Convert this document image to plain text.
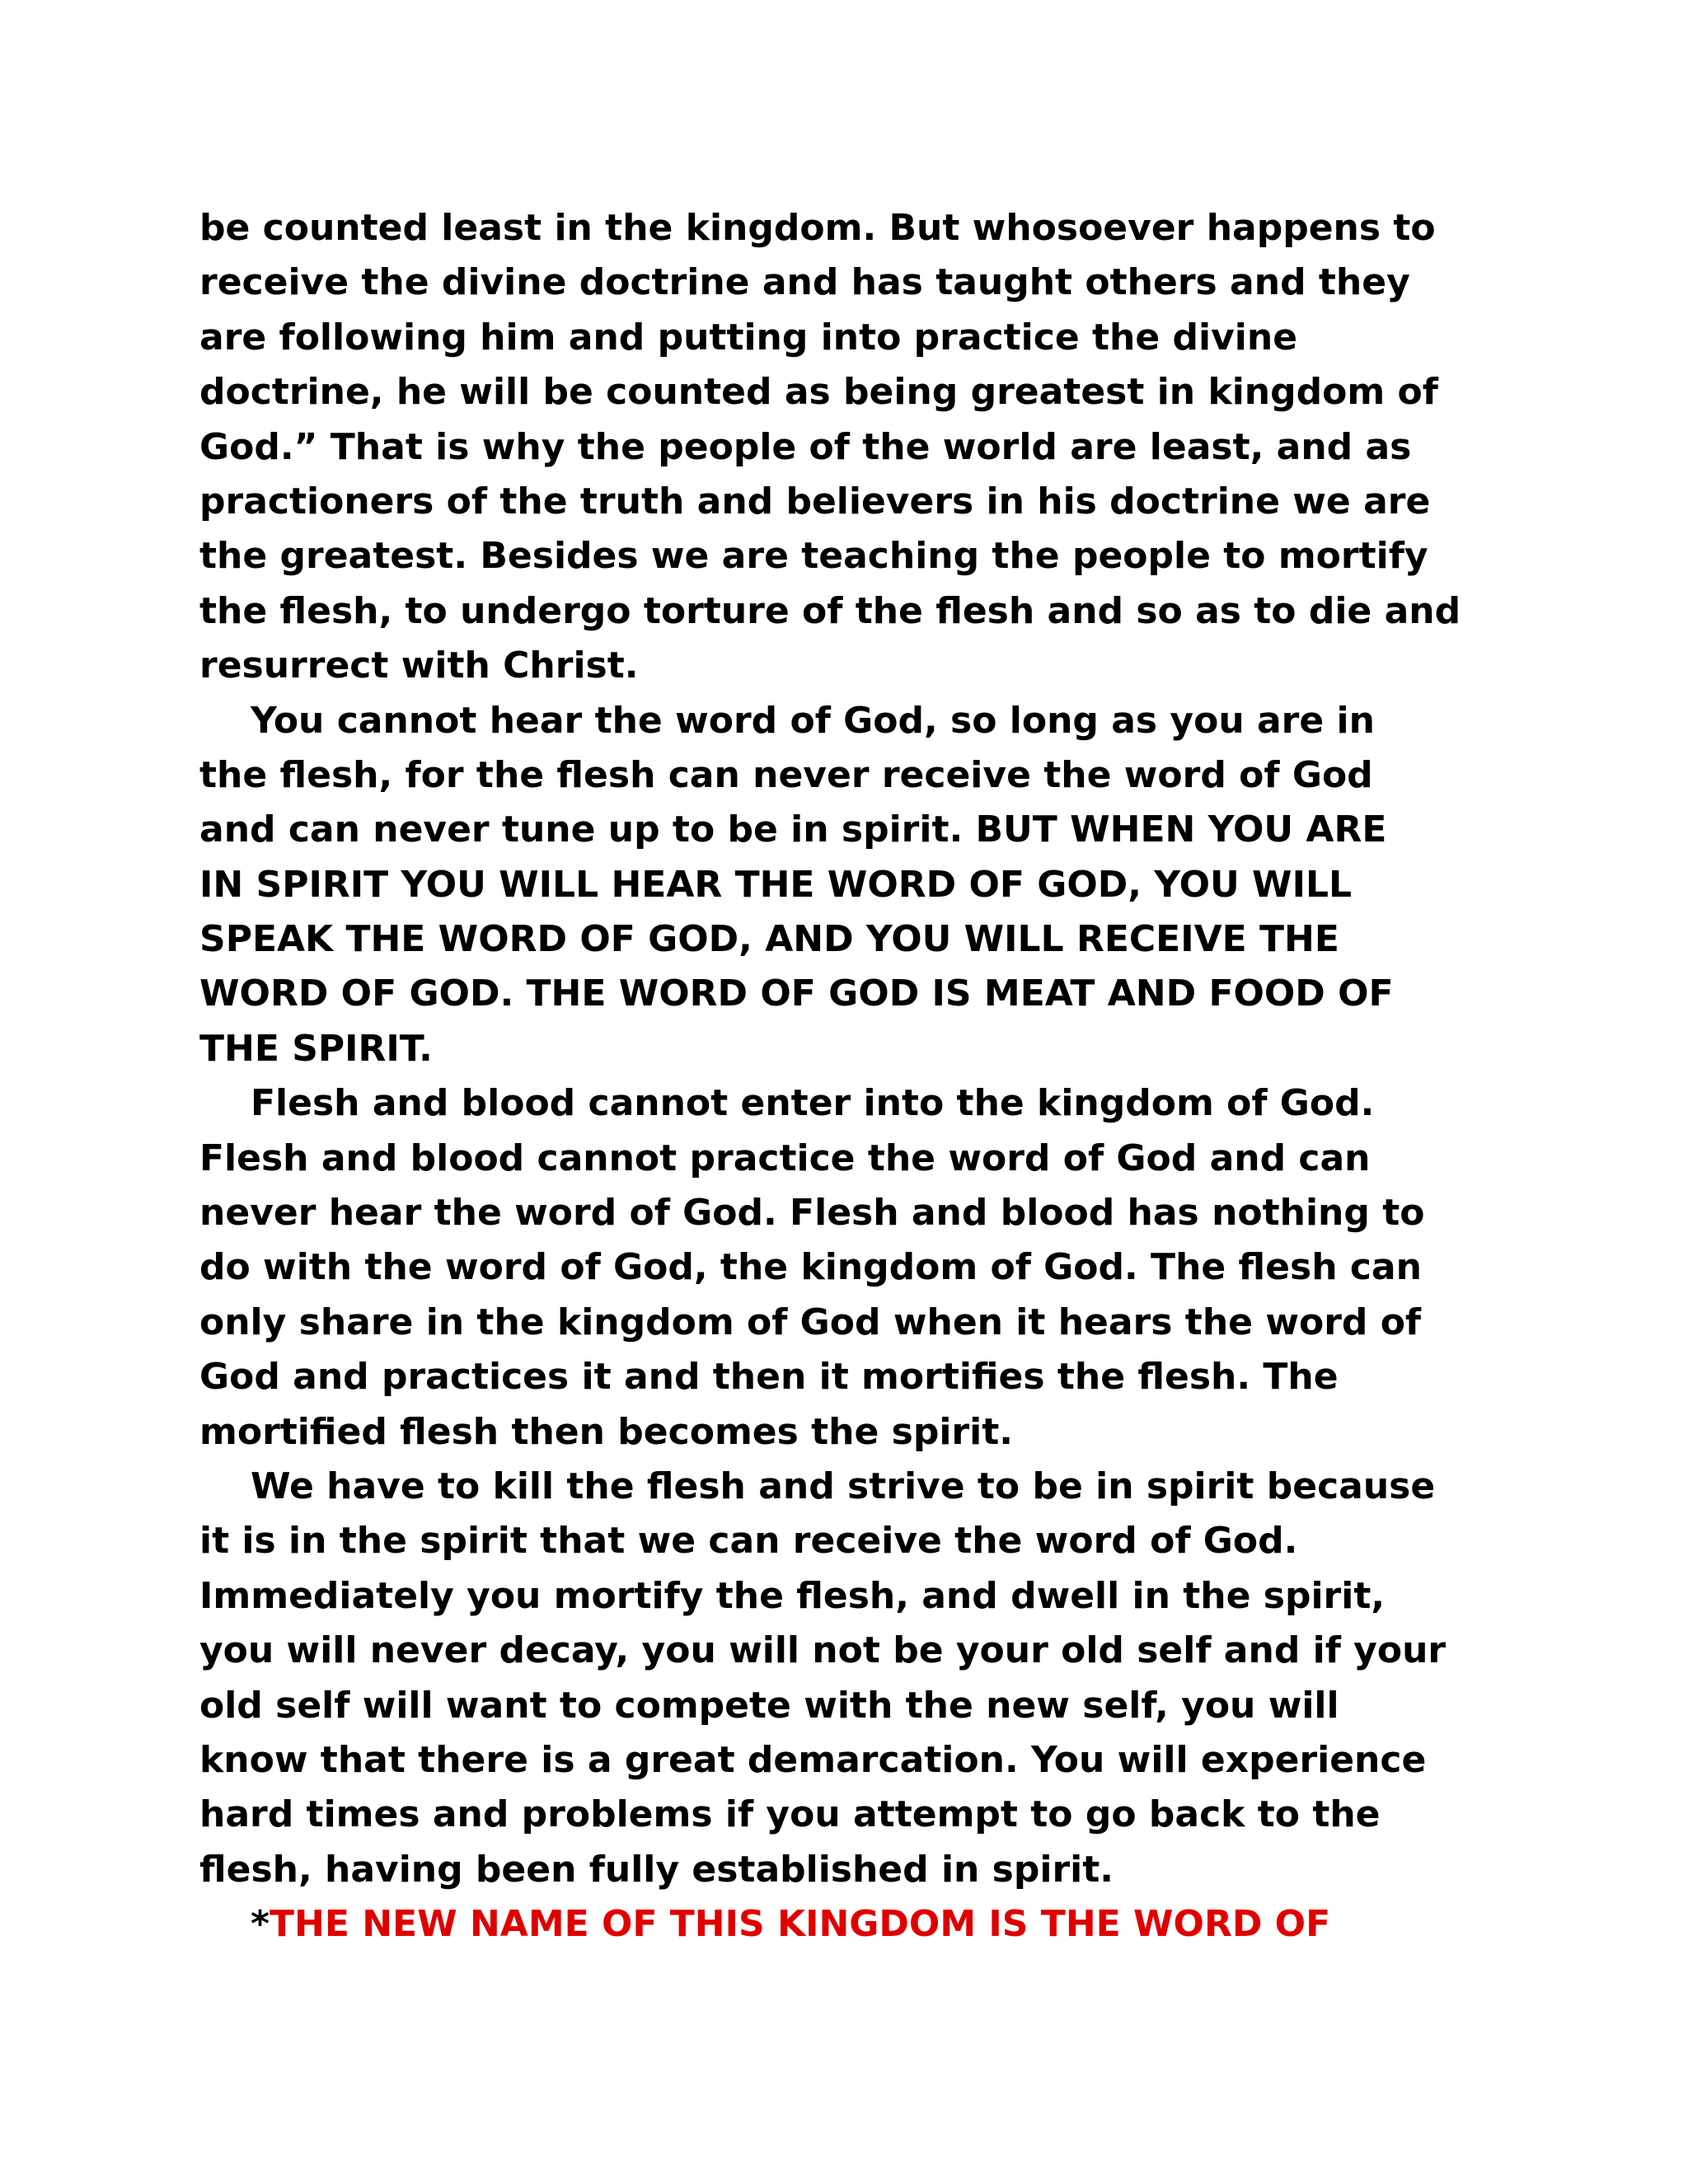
be counted least in the kingdom. But whosoever happens to
receive the divine doctrine and has taught others and they
are following him and putting into practice the divine
doctrine, he will be counted as being greatest in kingdom of
God.” That is why the people of the world are least, and as
practioners of the truth and believers in his doctrine we are
the greatest. Besides we are teaching the people to mortify
the flesh, to undergo torture of the flesh and so as to die and
resurrect with Christ.
You cannot hear the word of God, so long as you are in
the flesh, for the flesh can never receive the word of God
and can never tune up to be in spirit. BUT WHEN YOU ARE
IN SPIRIT YOU WILL HEAR THE WORD OF GOD, YOU WILL
SPEAK THE WORD OF GOD, AND YOU WILL RECEIVE THE
WORD OF GOD. THE WORD OF GOD IS MEAT AND FOOD OF
THE SPIRIT.
Flesh and blood cannot enter into the kingdom of God.
Flesh and blood cannot practice the word of God and can
never hear the word of God. Flesh and blood has nothing to
do with the word of God, the kingdom of God. The flesh can
only share in the kingdom of God when it hears the word of
God and practices it and then it mortifies the flesh. The
mortified flesh then becomes the spirit.
We have to kill the flesh and strive to be in spirit because
it is in the spirit that we can receive the word of God.
Immediately you mortify the flesh, and dwell in the spirit,
you will never decay, you will not be your old self and if your
old self will want to compete with the new self, you will
know that there is a great demarcation. You will experience
hard times and problems if you attempt to go back to the
flesh, having been fully established in spirit.
*THE NEW NAME OF THIS KINGDOM IS THE WORD OF
